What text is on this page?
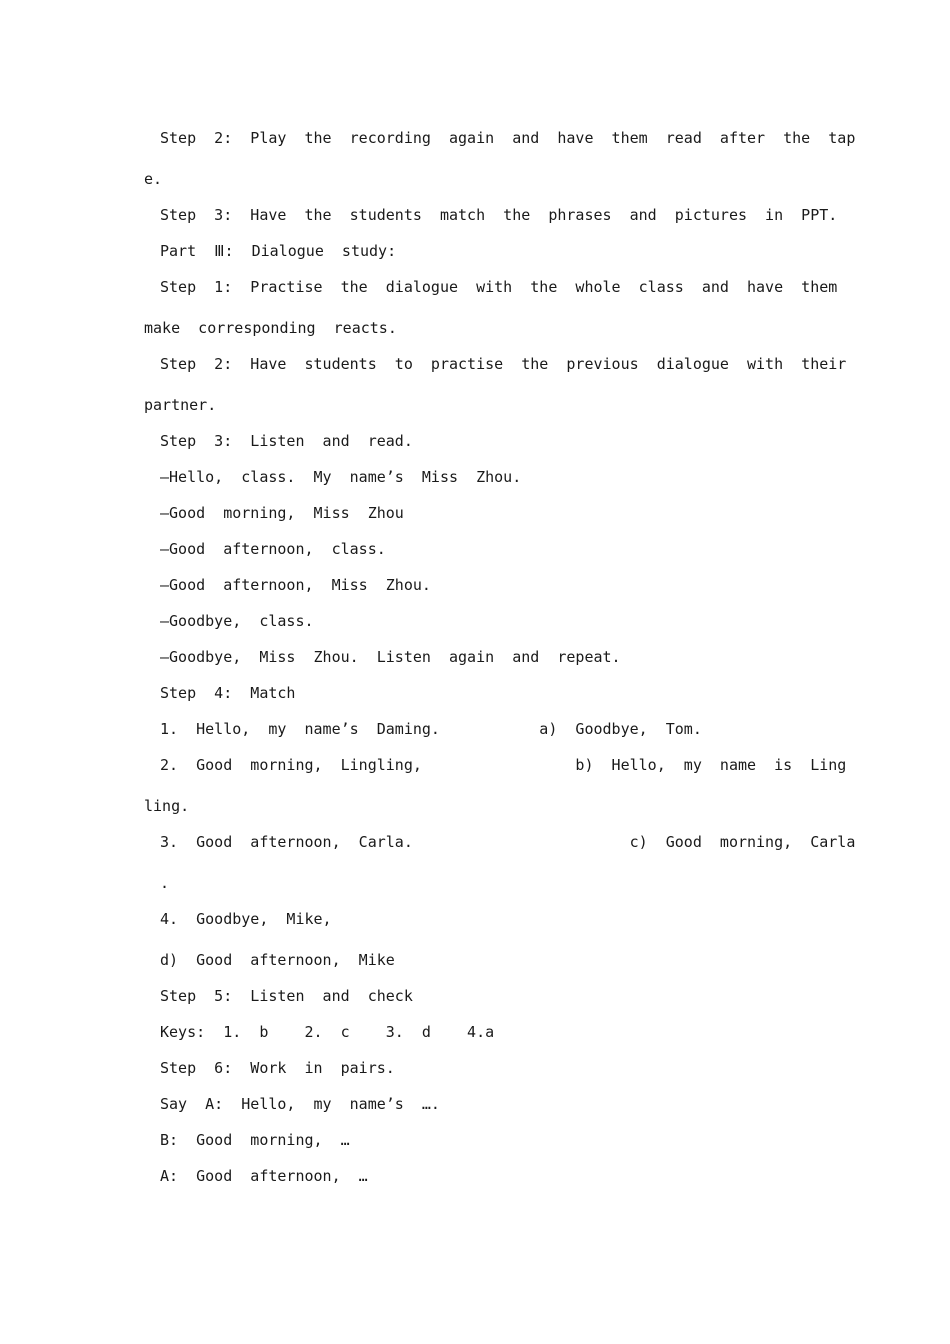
Step  2:  Play  the  recording  again  and  have  them  read  after  the  tap
e.
Step  3:  Have  the  students  match  the  phrases  and  pictures  in  PPT.
Part  Ⅲ:  Dialogue  study:
Step  1:  Practise  the  dialogue  with  the  whole  class  and  have  them
make  corresponding  reacts.
Step  2:  Have  students  to  practise  the  previous  dialogue  with  their
partner.
Step  3:  Listen  and  read.
—Hello,  class.  My  name’s  Miss  Zhou.
—Good  morning,  Miss  Zhou
—Good  afternoon,  class.
—Good  afternoon,  Miss  Zhou.
—Goodbye,  class.
—Goodbye,  Miss  Zhou.  Listen  again  and  repeat.
Step  4:  Match
1.  Hello,  my  name’s  Daming.           a)  Goodbye,  Tom.
2.  Good  morning,  Lingling,                 b)  Hello,  my  name  is  Ling
ling.
3.  Good  afternoon,  Carla.                        c)  Good  morning,  Carla
.
4.  Goodbye,  Mike,
d)  Good  afternoon,  Mike
Step  5:  Listen  and  check
Keys:  1.  b    2.  c    3.  d    4.a
Step  6:  Work  in  pairs.
Say  A:  Hello,  my  name’s  ….
B:  Good  morning,  …
A:  Good  afternoon,  …
